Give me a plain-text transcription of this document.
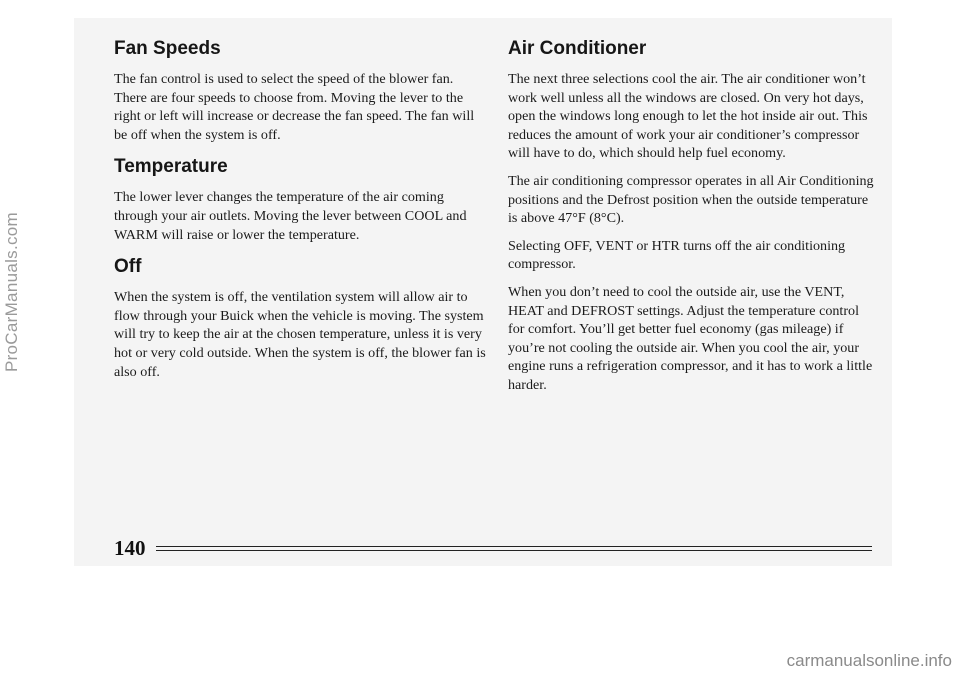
Fan Speeds

The fan control is used to select the speed of the blower fan. There are four speeds to choose from. Moving the lever to the right or left will increase or decrease the fan speed. The fan will be off when the system is off.

Temperature

The lower lever changes the temperature of the air coming through your air outlets. Moving the lever between COOL and WARM will raise or lower the temperature.

Off

When the system is off, the ventilation system will allow air to flow through your Buick when the vehicle is moving. The system will try to keep the air at the chosen temperature, unless it is very hot or very cold outside. When the system is off, the blower fan is also off.

Air Conditioner

The next three selections cool the air. The air conditioner won’t work well unless all the windows are closed. On very hot days, open the windows long enough to let the hot inside air out. This reduces the amount of work your air conditioner’s compressor will have to do, which should help fuel economy.

The air conditioning compressor operates in all Air Conditioning positions and the Defrost position when the outside temperature is above 47°F (8°C).

Selecting OFF, VENT or HTR turns off the air conditioning compressor.

When you don’t need to cool the outside air, use the VENT, HEAT and DEFROST settings. Adjust the temperature control for comfort. You’ll get better fuel economy (gas mileage) if you’re not cooling the outside air. When you cool the air, your engine runs a refrigeration compressor, and it has to work a little harder.

140
ProCarManuals.com
carmanualsonline.info
